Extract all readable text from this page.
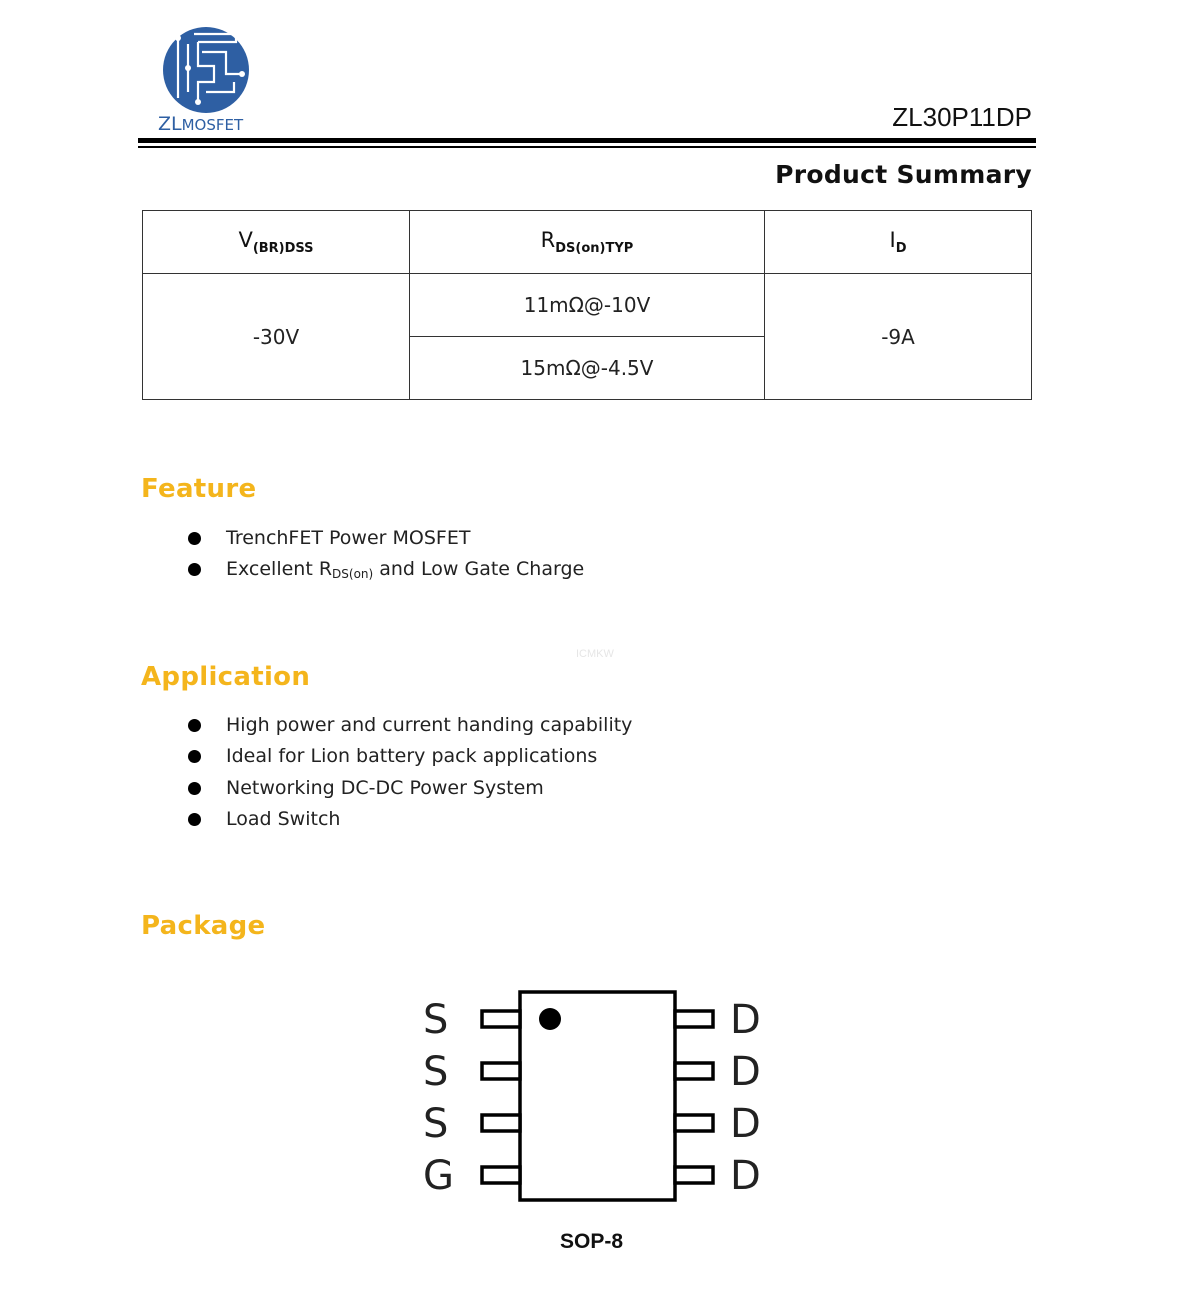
ZLMOSFET	ZL30P11DP
Product Summary
$V_{(BR)DSS}$	$R_{DS(on)TYP}$	$I_D$
-30V	11mΩ@-10V	-9A
	15mΩ@-4.5V	
Feature
TrenchFET Power MOSFET
Excellent $R_{DS(on)}$ and Low Gate Charge
ICMKW
Application
High power and current handing capability
Ideal for Lion battery pack applications
Networking DC-DC Power System
Load Switch
Package
S
S
S
G
D
D
D
D
SOP-8
